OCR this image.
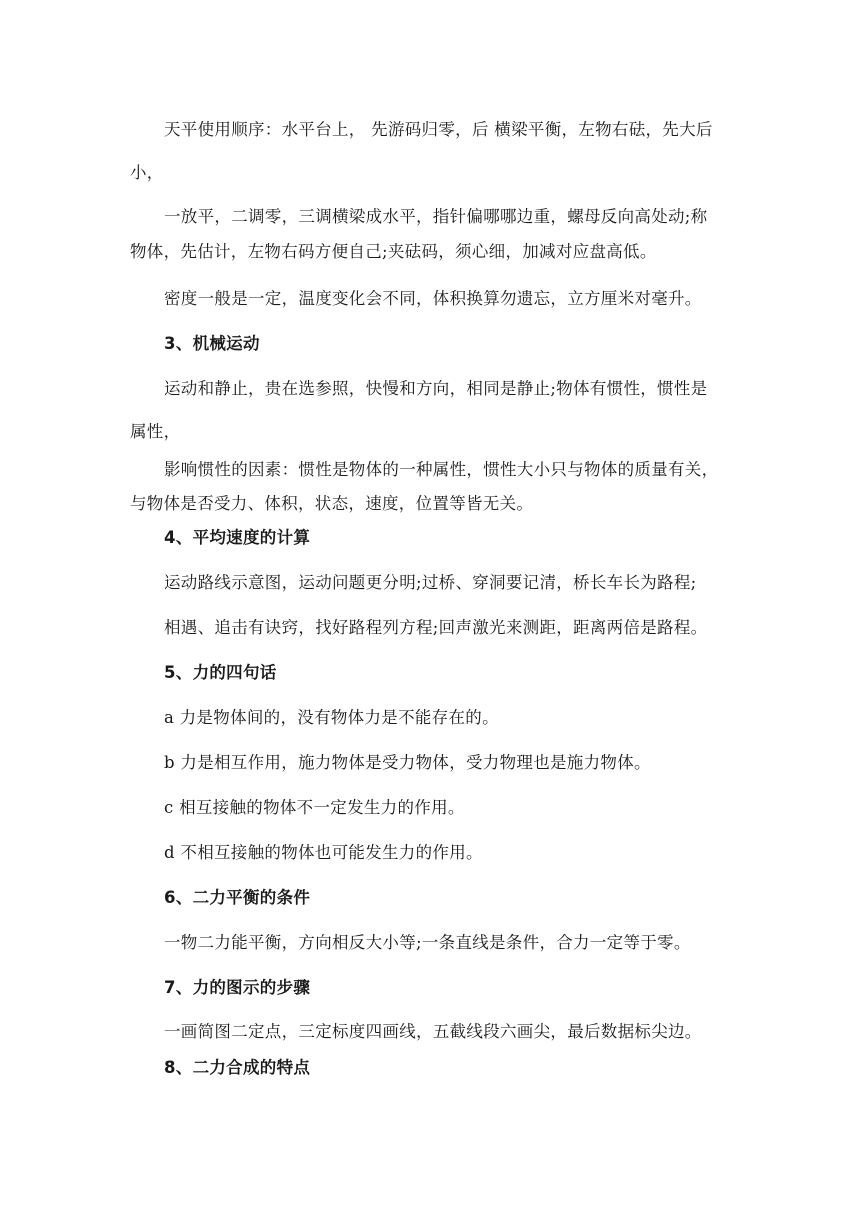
天平使用顺序：水平台上， 先游码归零，后 横梁平衡，左物右砝，先大后
小，
一放平，二调零，三调横梁成水平，指针偏哪哪边重，螺母反向高处动;称
物体，先估计，左物右码方便自己;夹砝码，须心细，加减对应盘高低。
密度一般是一定，温度变化会不同，体积换算勿遗忘，立方厘米对毫升。
3、机械运动
运动和静止，贵在选参照，快慢和方向，相同是静止;物体有惯性，惯性是
属性，
影响惯性的因素：惯性是物体的一种属性，惯性大小只与物体的质量有关，
与物体是否受力、体积，状态，速度，位置等皆无关。
4、平均速度的计算
运动路线示意图，运动问题更分明;过桥、穿洞要记清，桥长车长为路程;
相遇、追击有诀窍，找好路程列方程;回声激光来测距，距离两倍是路程。
5、力的四句话
a 力是物体间的，没有物体力是不能存在的。
b 力是相互作用，施力物体是受力物体，受力物理也是施力物体。
c 相互接触的物体不一定发生力的作用。
d 不相互接触的物体也可能发生力的作用。
6、二力平衡的条件
一物二力能平衡，方向相反大小等;一条直线是条件，合力一定等于零。
7、力的图示的步骤
一画简图二定点，三定标度四画线，五截线段六画尖，最后数据标尖边。
8、二力合成的特点
